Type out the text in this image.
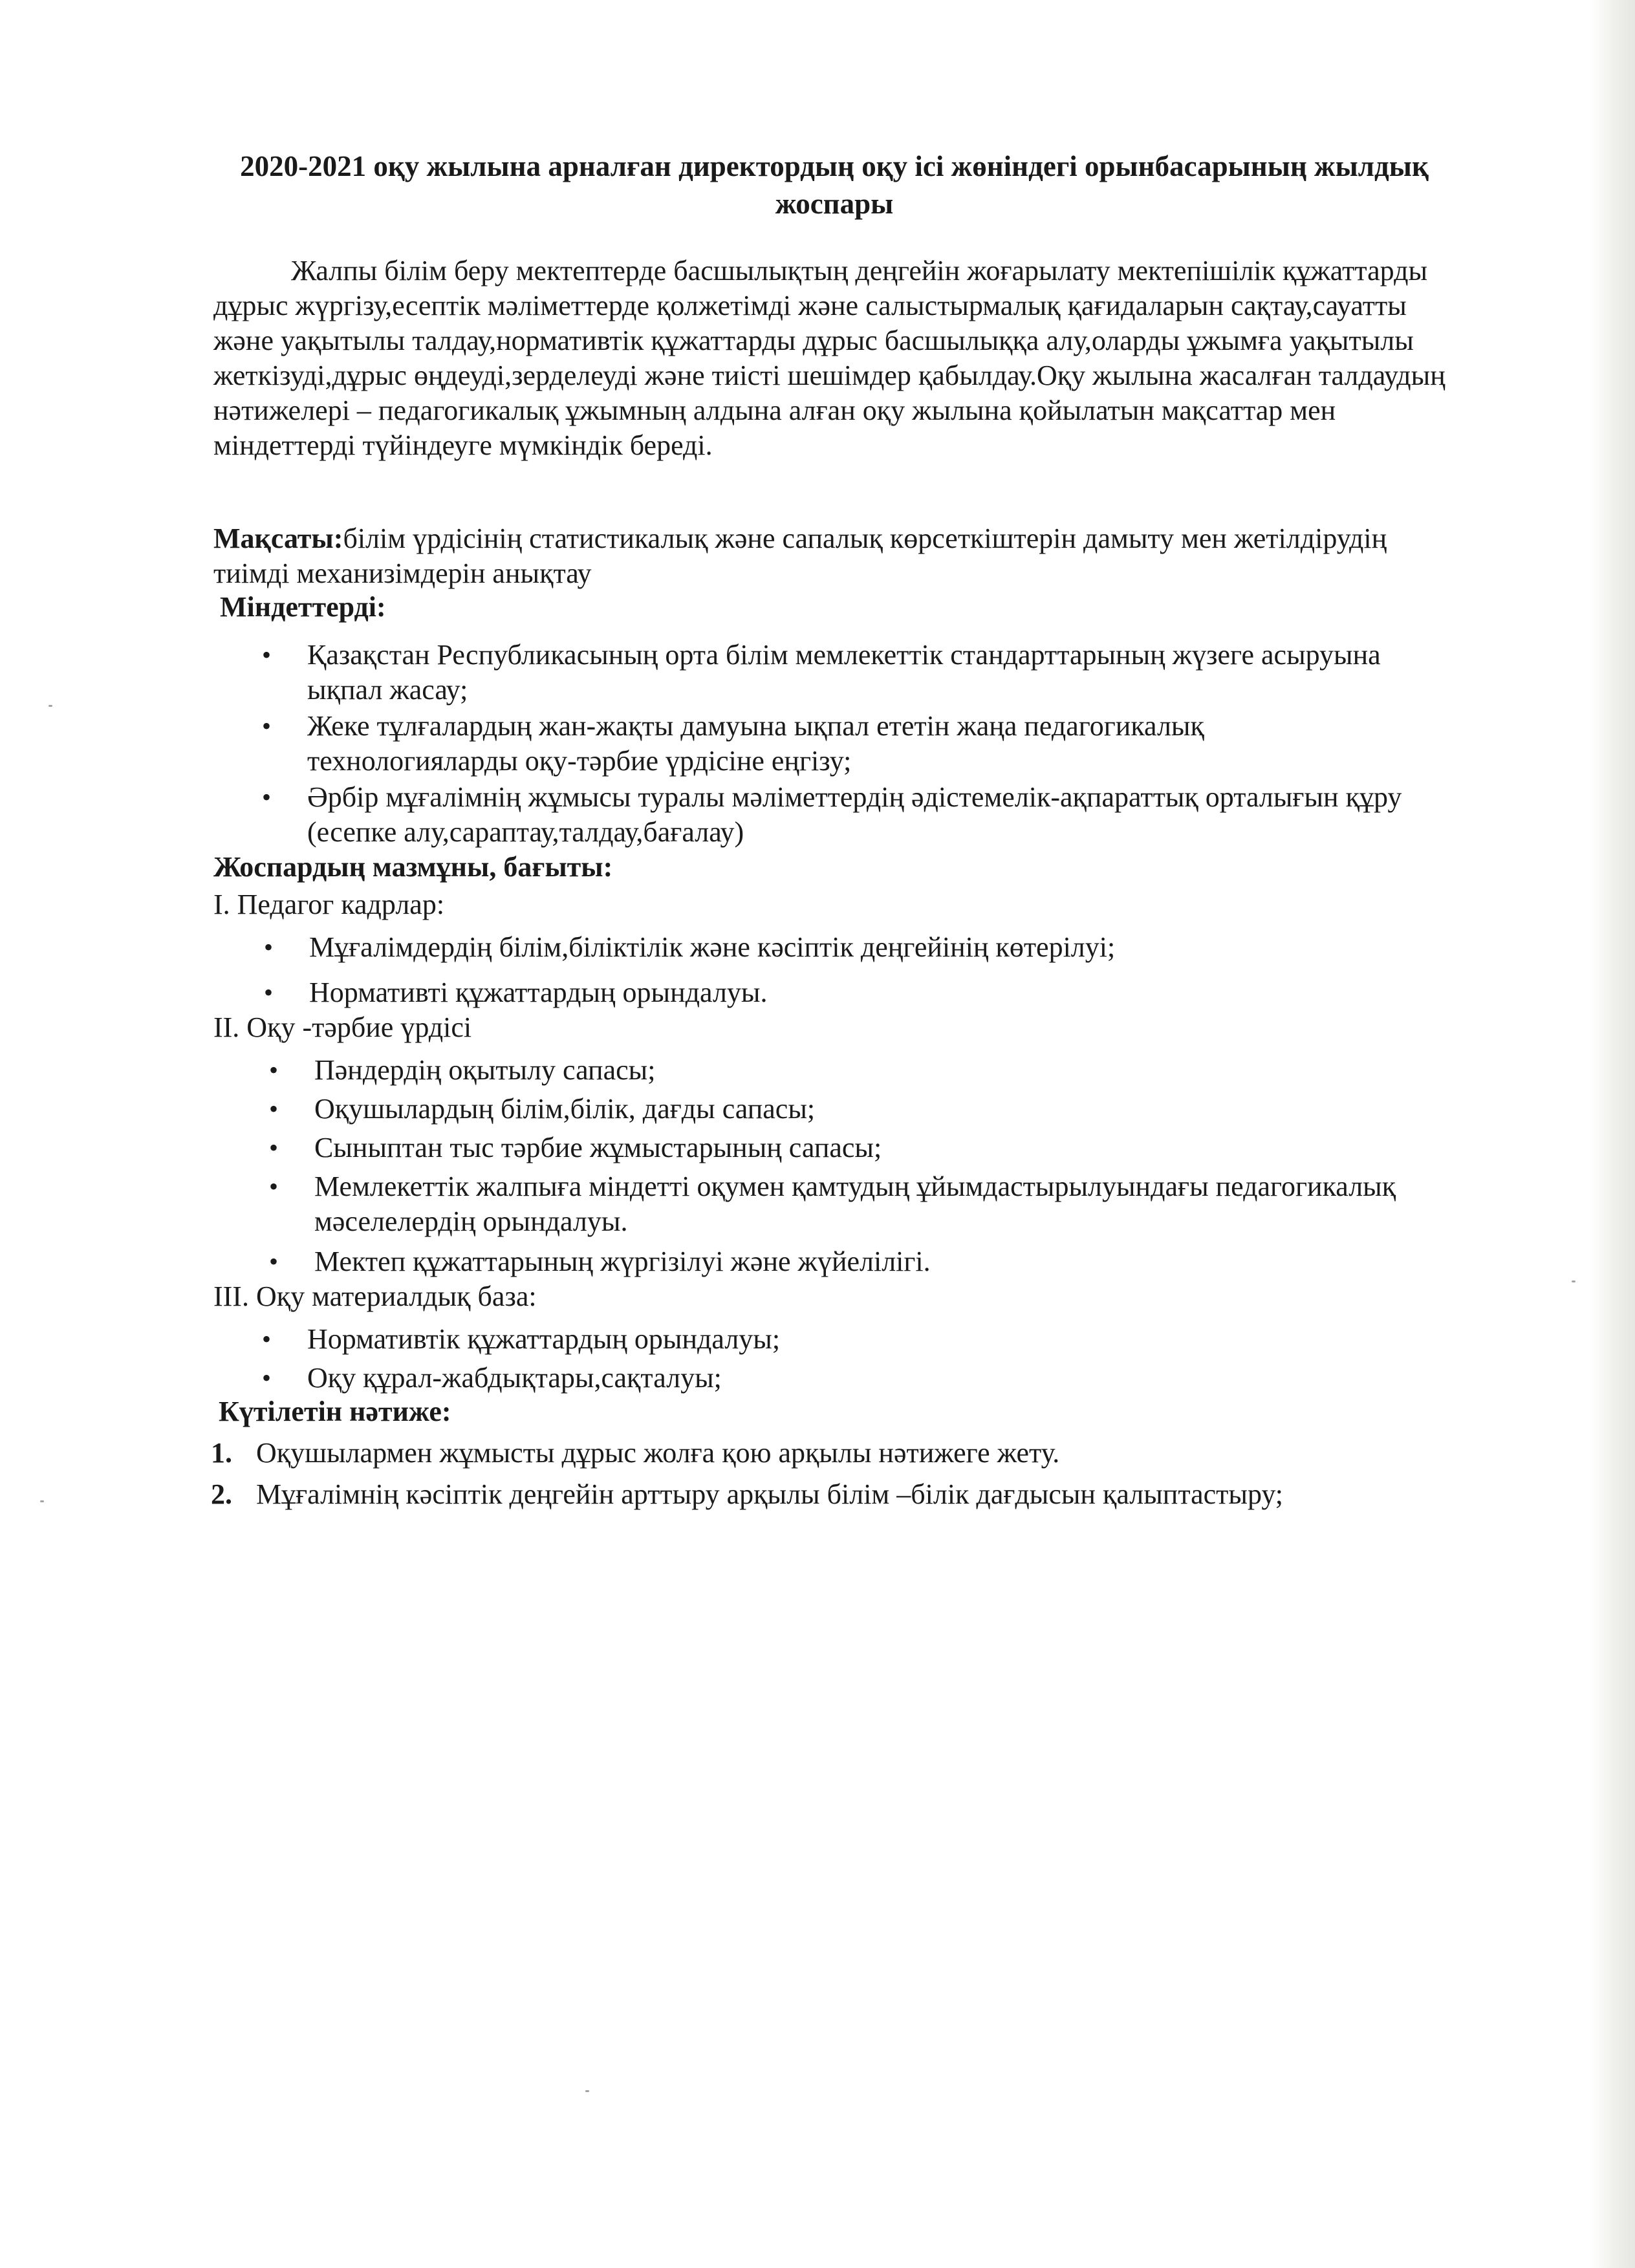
2020-2021 оқу жылына арналған директордың оқу ісі жөніндегі орынбасарының жылдық жоспары

Жалпы білім беру мектептерде басшылықтың деңгейін жоғарылату мектепішілік құжаттарды дұрыс жүргізу,есептік мәліметтерде қолжетімді және салыстырмалық қағидаларын сақтау,сауатты және уақытылы талдау,нормативтік құжаттарды дұрыс басшылыққа алу,оларды ұжымға уақытылы жеткізуді,дұрыс өңдеуді,зерделеуді және тиісті шешімдер қабылдау.Оқу жылына жасалған талдаудың нәтижелері – педагогикалық ұжымның алдына алған оқу жылына қойылатын мақсаттар мен міндеттерді түйіндеуге мүмкіндік береді.

Мақсаты:білім үрдісінің статистикалық және сапалық көрсеткіштерін дамыту мен жетілдірудің тиімді механизімдерін анықтау

Міндеттерді:

•	Қазақстан Республикасының орта білім мемлекеттік стандарттарының жүзеге асыруына ықпал жасау;
•	Жеке тұлғалардың жан-жақты дамуына ықпал ететін жаңа педагогикалық технологияларды оқу-тәрбие үрдісіне еңгізу;
•	Әрбір мұғалімнің жұмысы туралы мәліметтердің әдістемелік-ақпараттық орталығын құру (есепке алу,сараптау,талдау,бағалау)

Жоспардың мазмұны, бағыты:

І. Педагог кадрлар:

•	Мұғалімдердің білім,біліктілік және кәсіптік деңгейінің көтерілуі;
•	Нормативті құжаттардың орындалуы.

ІІ. Оқу -тәрбие үрдісі

•	Пәндердің оқытылу сапасы;
•	Оқушылардың білім,білік, дағды сапасы;
•	Сыныптан тыс тәрбие жұмыстарының сапасы;
•	Мемлекеттік жалпыға міндетті оқумен қамтудың ұйымдастырылуындағы педагогикалық мәселелердің орындалуы.
•	Мектеп құжаттарының жүргізілуі және жүйелілігі.

ІІІ. Оқу материалдық база:

•	Нормативтік құжаттардың орындалуы;
•	Оқу құрал-жабдықтары,сақталуы;

Күтілетін нәтиже:

1. Оқушылармен жұмысты дұрыс жолға қою арқылы нәтижеге жету.
2. Мұғалімнің кәсіптік деңгейін арттыру арқылы білім –білік дағдысын қалыптастыру;
